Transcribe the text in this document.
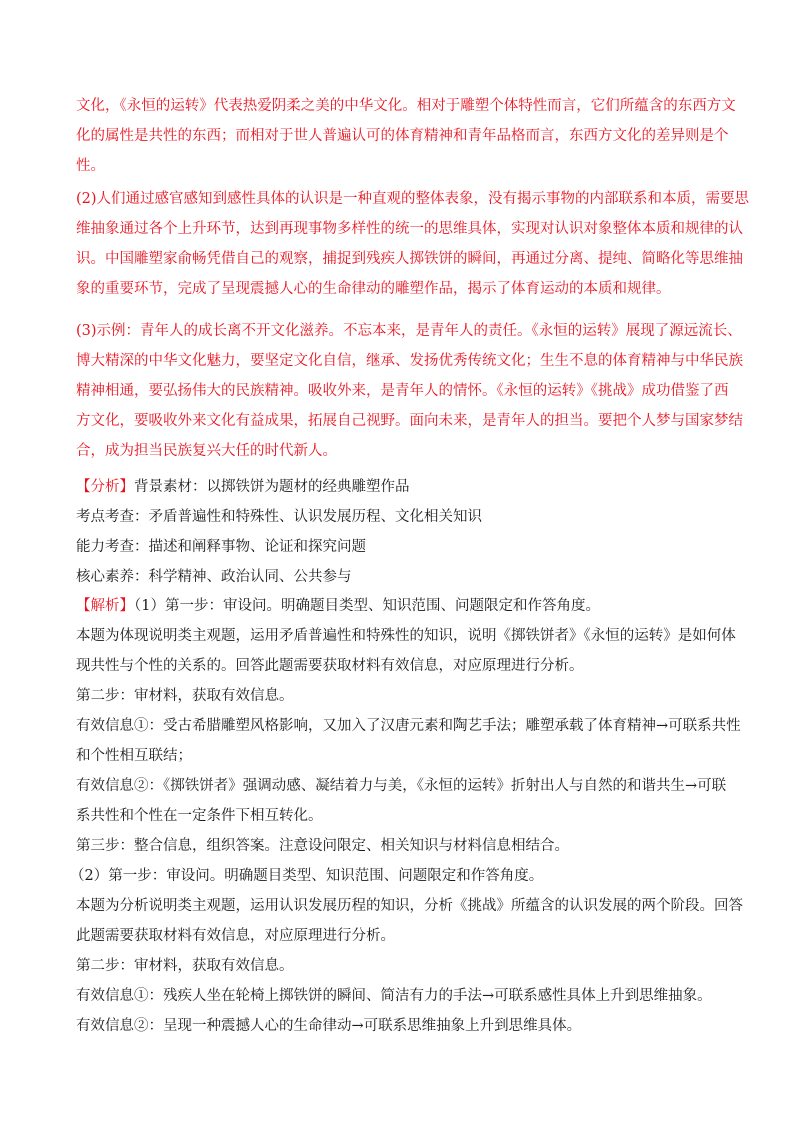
文化，《永恒的运转》代表热爱阴柔之美的中华文化。相对于雕塑个体特性而言，它们所蕴含的东西方文
化的属性是共性的东西；而相对于世人普遍认可的体育精神和青年品格而言，东西方文化的差异则是个
性。
(2)人们通过感官感知到感性具体的认识是一种直观的整体表象，没有揭示事物的内部联系和本质，需要思
维抽象通过各个上升环节，达到再现事物多样性的统一的思维具体，实现对认识对象整体本质和规律的认
识。中国雕塑家俞畅凭借自己的观察，捕捉到残疾人掷铁饼的瞬间，再通过分离、提纯、简略化等思维抽
象的重要环节，完成了呈现震撼人心的生命律动的雕塑作品，揭示了体育运动的本质和规律。
(3)示例：青年人的成长离不开文化滋养。不忘本来，是青年人的责任。《永恒的运转》展现了源远流长、
博大精深的中华文化魅力，要坚定文化自信，继承、发扬优秀传统文化；生生不息的体育精神与中华民族
精神相通，要弘扬伟大的民族精神。吸收外来，是青年人的情怀。《永恒的运转》《挑战》成功借鉴了西
方文化，要吸收外来文化有益成果，拓展自己视野。面向未来，是青年人的担当。要把个人梦与国家梦结
合，成为担当民族复兴大任的时代新人。
【分析】背景素材：以掷铁饼为题材的经典雕塑作品
考点考查：矛盾普遍性和特殊性、认识发展历程、文化相关知识
能力考查：描述和阐释事物、论证和探究问题
核心素养：科学精神、政治认同、公共参与
【解析】（1）第一步：审设问。明确题目类型、知识范围、问题限定和作答角度。
本题为体现说明类主观题，运用矛盾普遍性和特殊性的知识，说明《掷铁饼者》《永恒的运转》是如何体
现共性与个性的关系的。回答此题需要获取材料有效信息，对应原理进行分析。
第二步：审材料，获取有效信息。
有效信息①：受古希腊雕塑风格影响，又加入了汉唐元素和陶艺手法；雕塑承载了体育精神→可联系共性
和个性相互联结；
有效信息②：《掷铁饼者》强调动感、凝结着力与美，《永恒的运转》折射出人与自然的和谐共生→可联
系共性和个性在一定条件下相互转化。
第三步：整合信息，组织答案。注意设问限定、相关知识与材料信息相结合。
（2）第一步：审设问。明确题目类型、知识范围、问题限定和作答角度。
本题为分析说明类主观题，运用认识发展历程的知识，分析《挑战》所蕴含的认识发展的两个阶段。回答
此题需要获取材料有效信息，对应原理进行分析。
第二步：审材料，获取有效信息。
有效信息①：残疾人坐在轮椅上掷铁饼的瞬间、简洁有力的手法→可联系感性具体上升到思维抽象。
有效信息②：呈现一种震撼人心的生命律动→可联系思维抽象上升到思维具体。
